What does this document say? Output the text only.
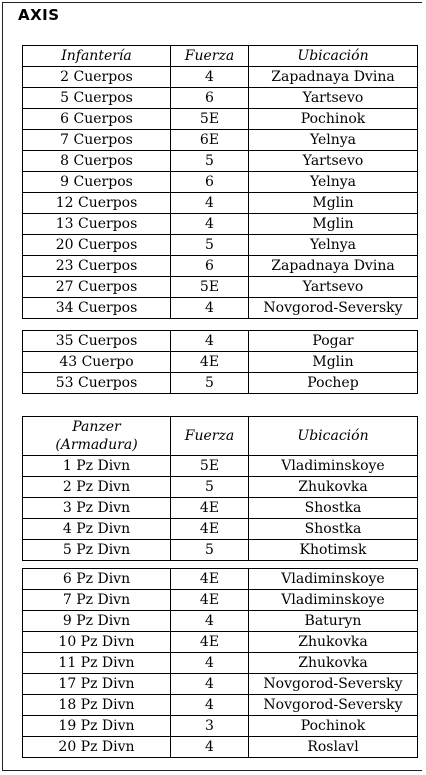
AXIS
Infantería	Fuerza	Ubicación
2 Cuerpos	4	Zapadnaya Dvina
5 Cuerpos	6	Yartsevo
6 Cuerpos	5E	Pochinok
7 Cuerpos	6E	Yelnya
8 Cuerpos	5	Yartsevo
9 Cuerpos	6	Yelnya
12 Cuerpos	4	Mglin
13 Cuerpos	4	Mglin
20 Cuerpos	5	Yelnya
23 Cuerpos	6	Zapadnaya Dvina
27 Cuerpos	5E	Yartsevo
34 Cuerpos	4	Novgorod-Seversky
35 Cuerpos	4	Pogar
43 Cuerpo	4E	Mglin
53 Cuerpos	5	Pochep
Panzer
(Armadura)	Fuerza	Ubicación
1 Pz Divn	5E	Vladiminskoye
2 Pz Divn	5	Zhukovka
3 Pz Divn	4E	Shostka
4 Pz Divn	4E	Shostka
5 Pz Divn	5	Khotimsk
6 Pz Divn	4E	Vladiminskoye
7 Pz Divn	4E	Vladiminskoye
9 Pz Divn	4	Baturyn
10 Pz Divn	4E	Zhukovka
11 Pz Divn	4	Zhukovka
17 Pz Divn	4	Novgorod-Seversky
18 Pz Divn	4	Novgorod-Seversky
19 Pz Divn	3	Pochinok
20 Pz Divn	4	Roslavl
